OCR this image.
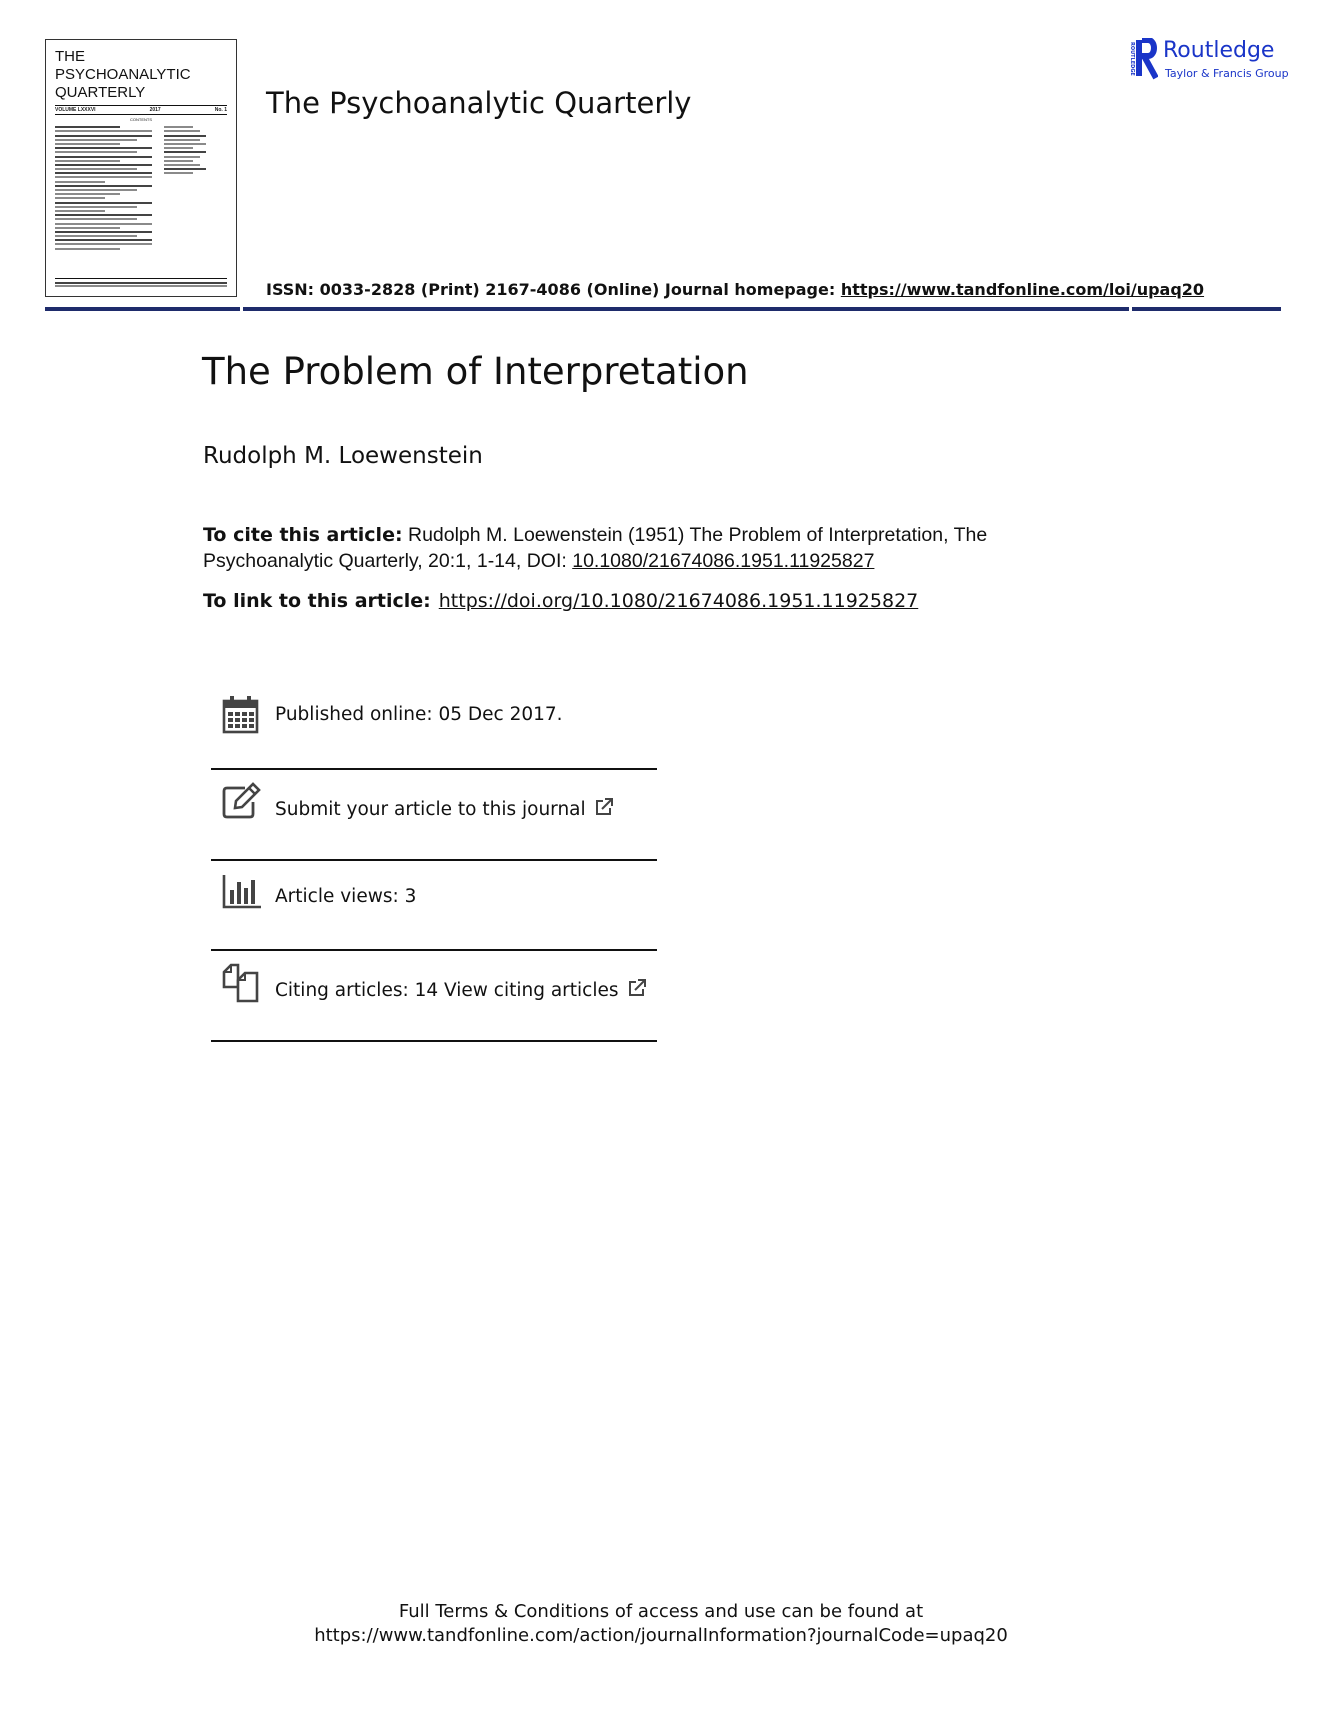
THE
PSYCHOANALYTIC
QUARTERLY
VOLUME LXXXVI	2017	No. 1
CONTENTS	The Psychoanalytic Quarterly
ISSN: 0033-2828 (Print) 2167-4086 (Online) Journal homepage: https://www.tandfonline.com/loi/upaq20
ROUTLEDGE Routledge
Taylor & Francis Group
The Problem of Interpretation
Rudolph M. Loewenstein
To cite this article: Rudolph M. Loewenstein (1951) The Problem of Interpretation, The
Psychoanalytic Quarterly, 20:1, 1-14, DOI: 10.1080/21674086.1951.11925827
To link to this article: https://doi.org/10.1080/21674086.1951.11925827
Published online: 05 Dec 2017.
Submit your article to this journal
Article views: 3
Citing articles: 14 View citing articles
Full Terms & Conditions of access and use can be found at
https://www.tandfonline.com/action/journalInformation?journalCode=upaq20
